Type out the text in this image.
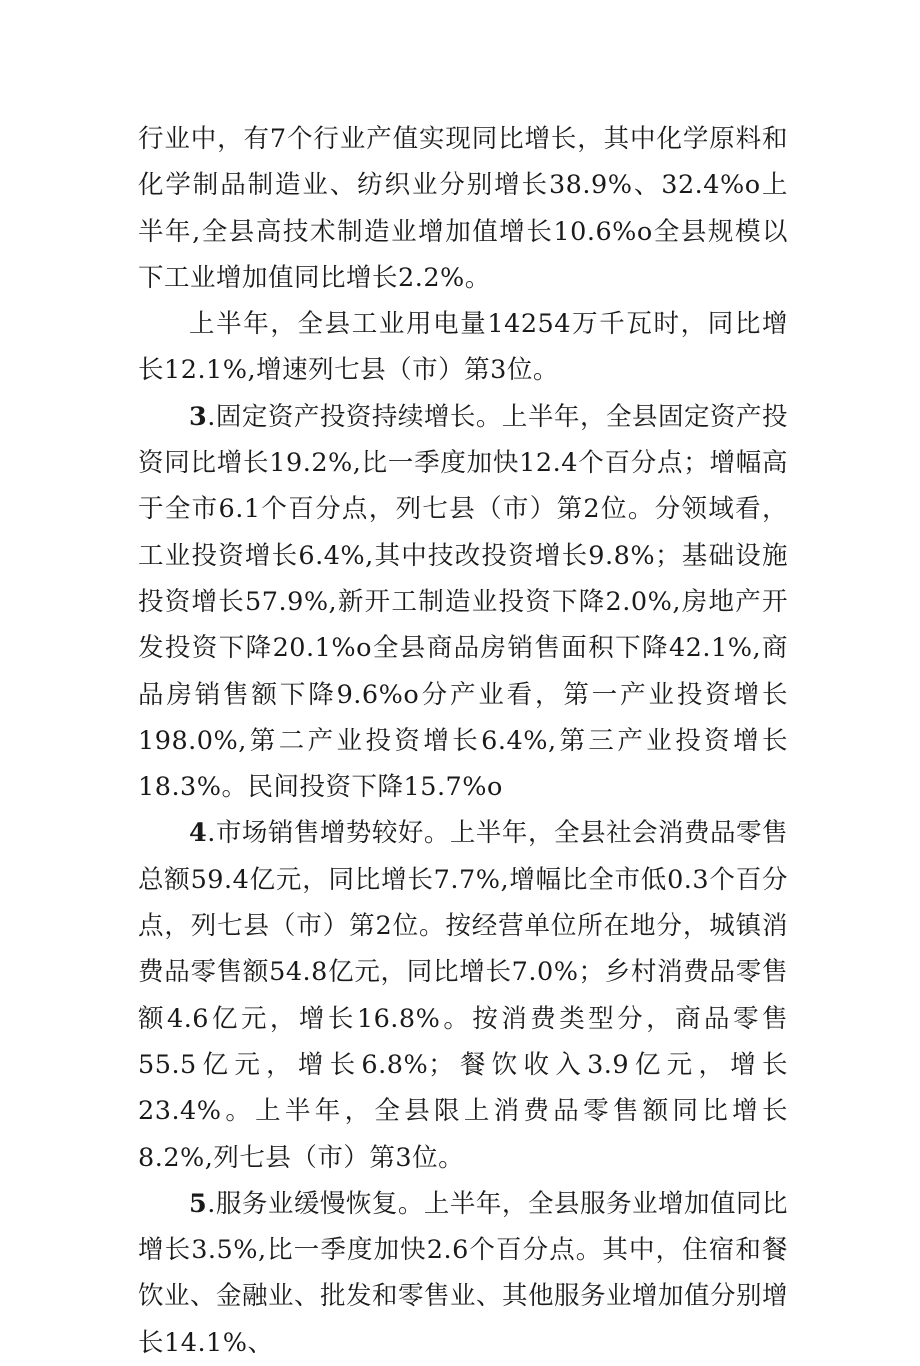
行业中，有7个行业产值实现同比增长，其中化学原料和化学制品制造业、纺织业分别增长38.9%、32.4%o上半年,全县高技术制造业增加值增长10.6%o全县规模以下工业增加值同比增长2.2%。

上半年，全县工业用电量14254万千瓦时，同比增长12.1%,增速列七县（市）第3位。

3.固定资产投资持续增长。上半年，全县固定资产投资同比增长19.2%,比一季度加快12.4个百分点；增幅高于全市6.1个百分点，列七县（市）第2位。分领域看，工业投资增长6.4%,其中技改投资增长9.8%；基础设施投资增长57.9%,新开工制造业投资下降2.0%,房地产开发投资下降20.1%o全县商品房销售面积下降42.1%,商品房销售额下降9.6%o分产业看，第一产业投资增长198.0%,第二产业投资增长6.4%,第三产业投资增长18.3%。民间投资下降15.7%o

4.市场销售增势较好。上半年，全县社会消费品零售总额59.4亿元，同比增长7.7%,增幅比全市低0.3个百分点，列七县（市）第2位。按经营单位所在地分，城镇消费品零售额54.8亿元，同比增长7.0%；乡村消费品零售额4.6亿元，增长16.8%。按消费类型分，商品零售55.5亿元，增长6.8%；餐饮收入3.9亿元，增长23.4%。上半年，全县限上消费品零售额同比增长8.2%,列七县（市）第3位。

5.服务业缓慢恢复。上半年，全县服务业增加值同比增长3.5%,比一季度加快2.6个百分点。其中，住宿和餐饮业、金融业、批发和零售业、其他服务业增加值分别增长14.1%、
